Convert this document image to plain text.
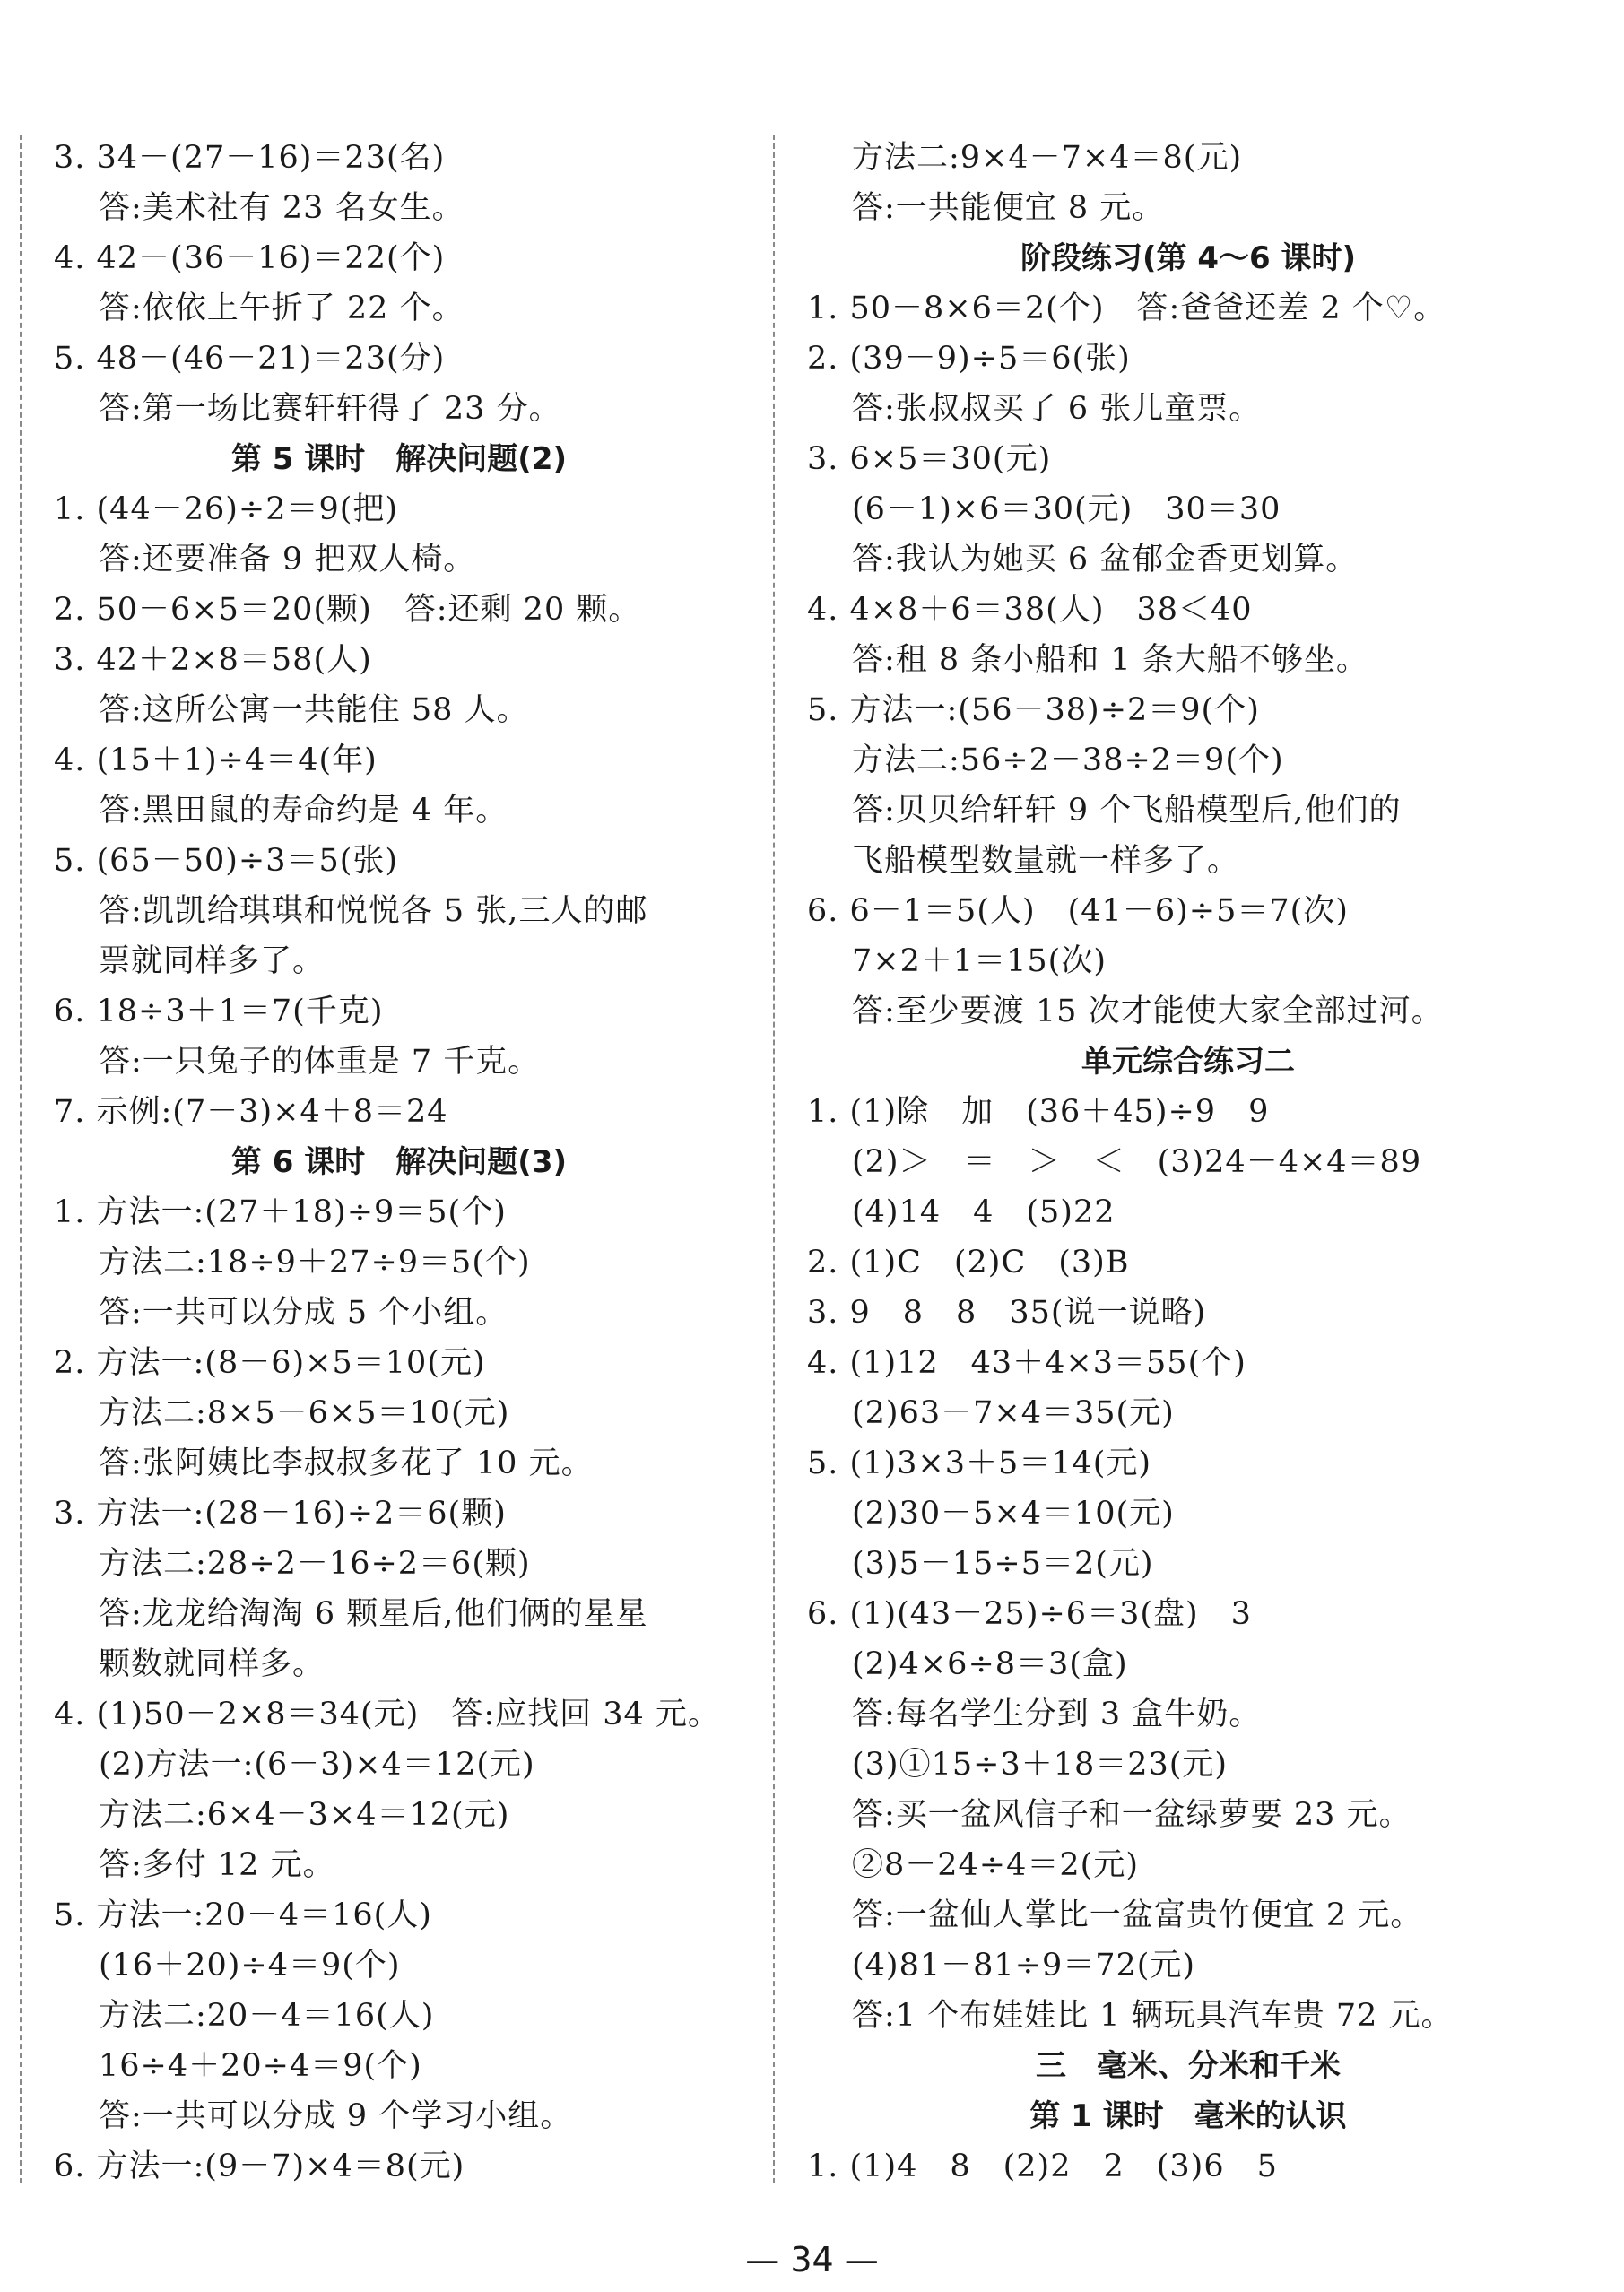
3. 34－(27－16)＝23(名)
答:美术社有 23 名女生。
4. 42－(36－16)＝22(个)
答:依依上午折了 22 个。
5. 48－(46－21)＝23(分)
答:第一场比赛轩轩得了 23 分。
第 5 课时　解决问题(2)
1. (44－26)÷2＝9(把)
答:还要准备 9 把双人椅。
2. 50－6×5＝20(颗)　答:还剩 20 颗。
3. 42＋2×8＝58(人)
答:这所公寓一共能住 58 人。
4. (15＋1)÷4＝4(年)
答:黑田鼠的寿命约是 4 年。
5. (65－50)÷3＝5(张)
答:凯凯给琪琪和悦悦各 5 张,三人的邮
票就同样多了。
6. 18÷3＋1＝7(千克)
答:一只兔子的体重是 7 千克。
7. 示例:(7－3)×4＋8＝24
第 6 课时　解决问题(3)
1. 方法一:(27＋18)÷9＝5(个)
方法二:18÷9＋27÷9＝5(个)
答:一共可以分成 5 个小组。
2. 方法一:(8－6)×5＝10(元)
方法二:8×5－6×5＝10(元)
答:张阿姨比李叔叔多花了 10 元。
3. 方法一:(28－16)÷2＝6(颗)
方法二:28÷2－16÷2＝6(颗)
答:龙龙给淘淘 6 颗星后,他们俩的星星
颗数就同样多。
4. (1)50－2×8＝34(元)　答:应找回 34 元。
(2)方法一:(6－3)×4＝12(元)
方法二:6×4－3×4＝12(元)
答:多付 12 元。
5. 方法一:20－4＝16(人)
(16＋20)÷4＝9(个)
方法二:20－4＝16(人)
16÷4＋20÷4＝9(个)
答:一共可以分成 9 个学习小组。
6. 方法一:(9－7)×4＝8(元)
方法二:9×4－7×4＝8(元)
答:一共能便宜 8 元。
阶段练习(第 4～6 课时)
1. 50－8×6＝2(个)　答:爸爸还差 2 个♡。
2. (39－9)÷5＝6(张)
答:张叔叔买了 6 张儿童票。
3. 6×5＝30(元)
(6－1)×6＝30(元)　30＝30
答:我认为她买 6 盆郁金香更划算。
4. 4×8＋6＝38(人)　38＜40
答:租 8 条小船和 1 条大船不够坐。
5. 方法一:(56－38)÷2＝9(个)
方法二:56÷2－38÷2＝9(个)
答:贝贝给轩轩 9 个飞船模型后,他们的
飞船模型数量就一样多了。
6. 6－1＝5(人)　(41－6)÷5＝7(次)
7×2＋1＝15(次)
答:至少要渡 15 次才能使大家全部过河。
单元综合练习二
1. (1)除　加　(36＋45)÷9　9
(2)＞　＝　＞　＜　(3)24－4×4＝89
(4)14　4　(5)22
2. (1)C　(2)C　(3)B
3. 9　8　8　35(说一说略)
4. (1)12　43＋4×3＝55(个)
(2)63－7×4＝35(元)
5. (1)3×3＋5＝14(元)
(2)30－5×4＝10(元)
(3)5－15÷5＝2(元)
6. (1)(43－25)÷6＝3(盘)　3
(2)4×6÷8＝3(盒)
答:每名学生分到 3 盒牛奶。
(3)①15÷3＋18＝23(元)
答:买一盆风信子和一盆绿萝要 23 元。
②8－24÷4＝2(元)
答:一盆仙人掌比一盆富贵竹便宜 2 元。
(4)81－81÷9＝72(元)
答:1 个布娃娃比 1 辆玩具汽车贵 72 元。
三　毫米、分米和千米
第 1 课时　毫米的认识
1. (1)4　8　(2)2　2　(3)6　5
— 34 —
